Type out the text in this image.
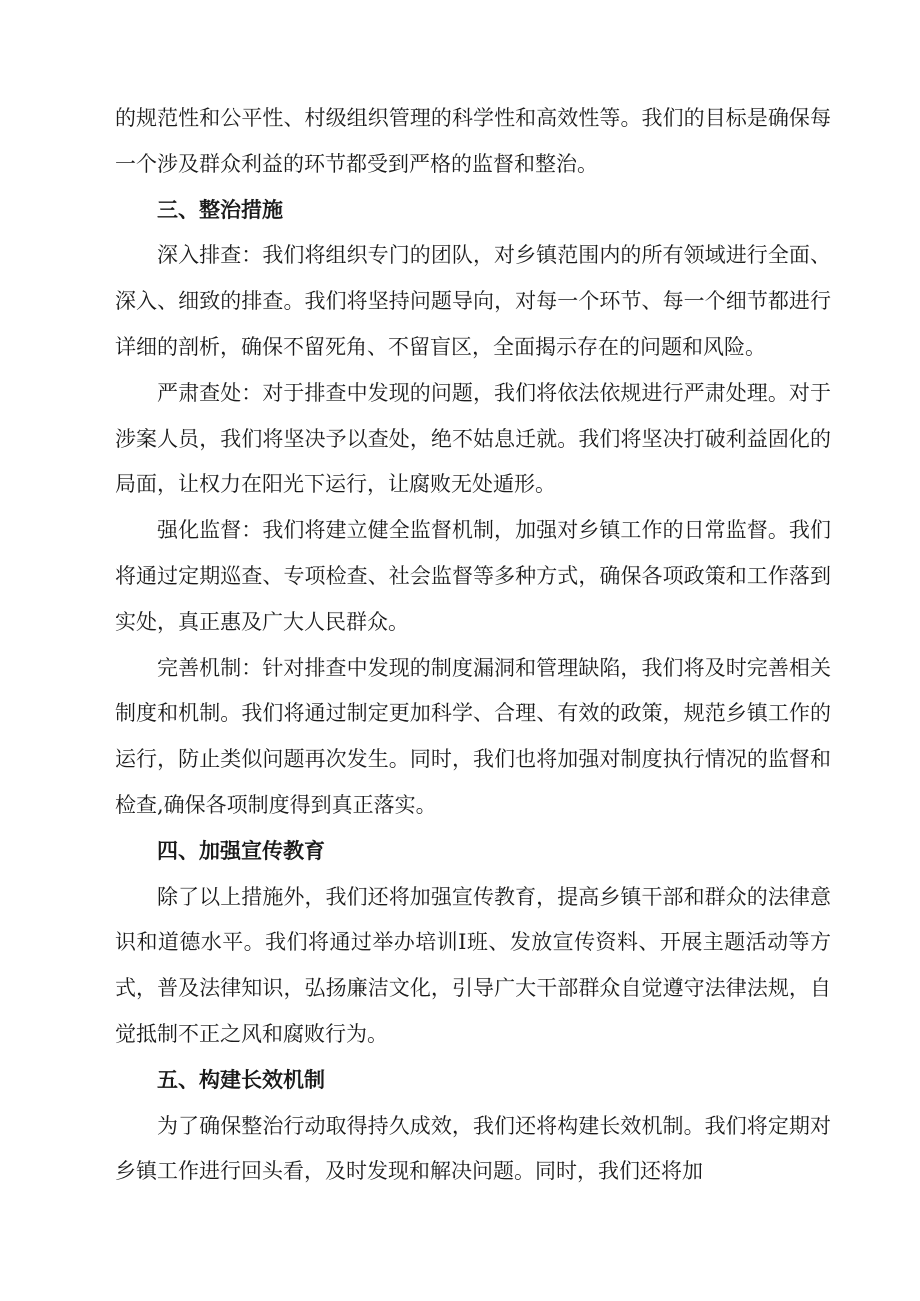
的规范性和公平性、村级组织管理的科学性和高效性等。我们的目标是确保每一个涉及群众利益的环节都受到严格的监督和整治。

三、整治措施

深入排查：我们将组织专门的团队，对乡镇范围内的所有领域进行全面、深入、细致的排查。我们将坚持问题导向，对每一个环节、每一个细节都进行详细的剖析，确保不留死角、不留盲区，全面揭示存在的问题和风险。

严肃查处：对于排查中发现的问题，我们将依法依规进行严肃处理。对于涉案人员，我们将坚决予以查处，绝不姑息迁就。我们将坚决打破利益固化的局面，让权力在阳光下运行，让腐败无处遁形。

强化监督：我们将建立健全监督机制，加强对乡镇工作的日常监督。我们将通过定期巡查、专项检查、社会监督等多种方式，确保各项政策和工作落到实处，真正惠及广大人民群众。

完善机制：针对排查中发现的制度漏洞和管理缺陷，我们将及时完善相关制度和机制。我们将通过制定更加科学、合理、有效的政策，规范乡镇工作的运行，防止类似问题再次发生。同时，我们也将加强对制度执行情况的监督和检查,确保各项制度得到真正落实。

四、加强宣传教育

除了以上措施外，我们还将加强宣传教育，提高乡镇干部和群众的法律意识和道德水平。我们将通过举办培训I班、发放宣传资料、开展主题活动等方式，普及法律知识，弘扬廉洁文化，引导广大干部群众自觉遵守法律法规，自觉抵制不正之风和腐败行为。

五、构建长效机制

为了确保整治行动取得持久成效，我们还将构建长效机制。我们将定期对乡镇工作进行回头看，及时发现和解决问题。同时，我们还将加
